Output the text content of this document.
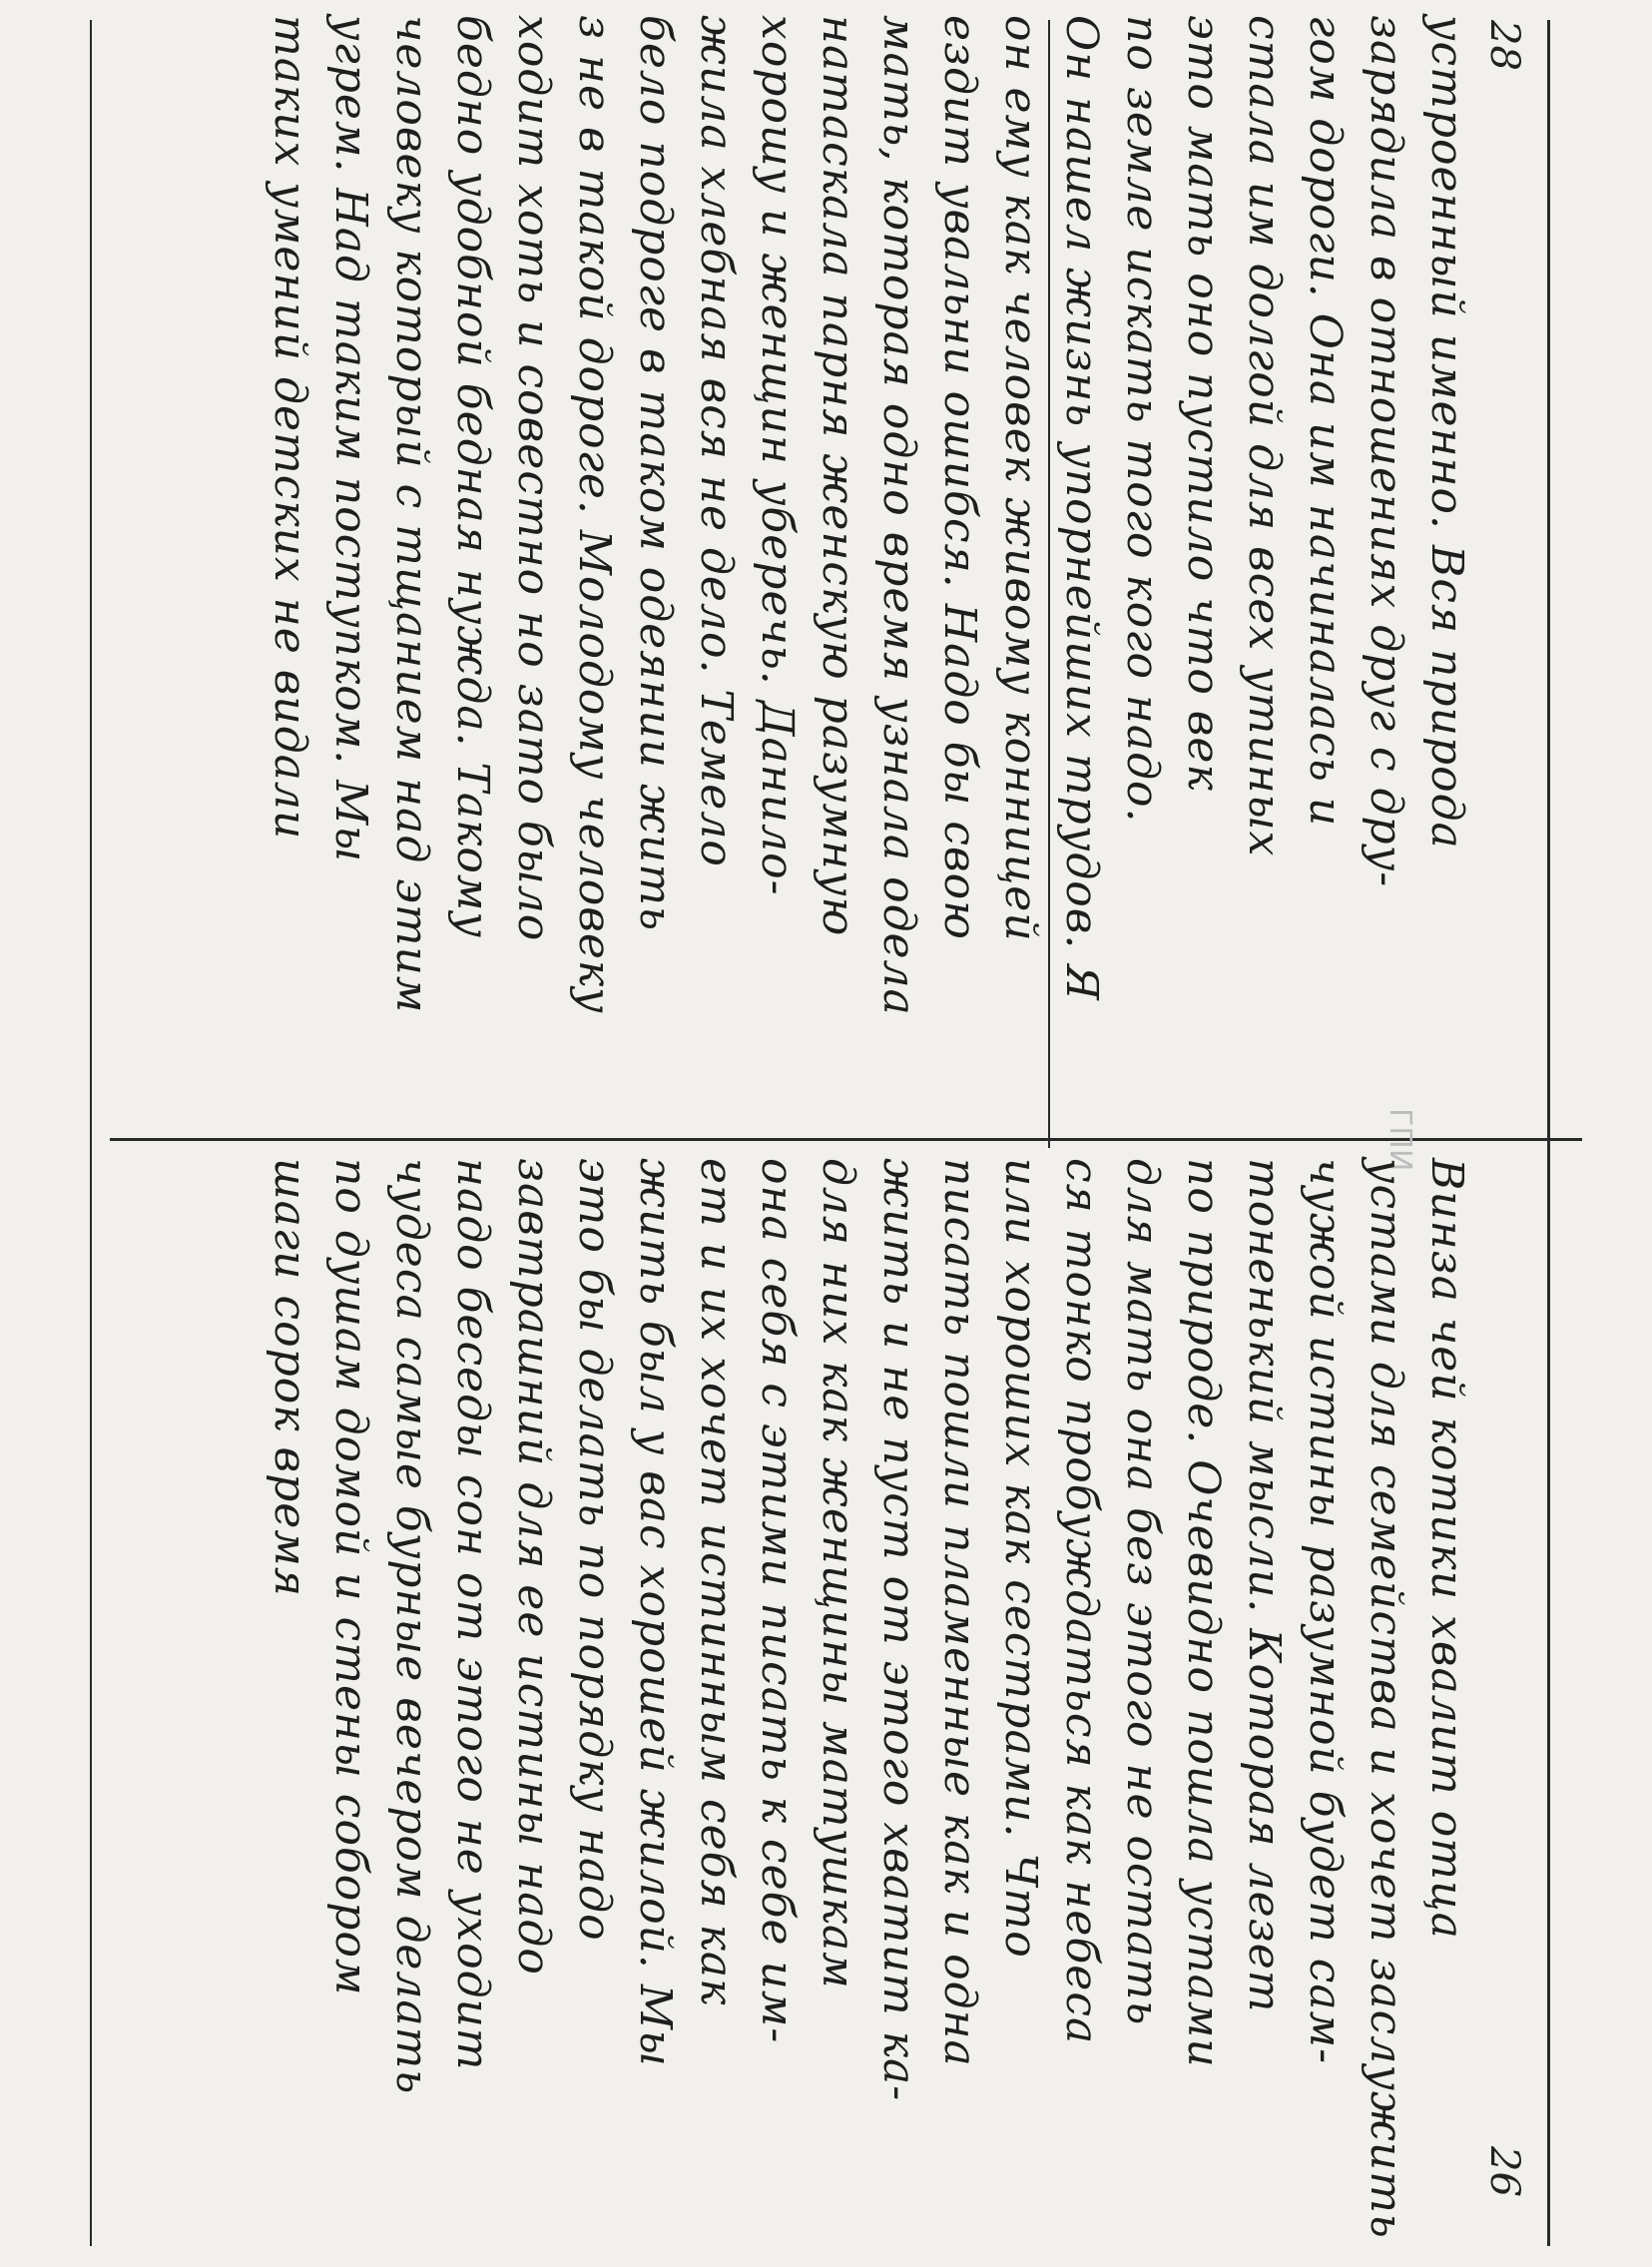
28
26
ГПИ
устроенный именно. Вся природа
зарядила в отношениях друг с дру-
гом дороги. Она им начиналась и
стала им долгой для всех утиных
это мать оно пустило что век
по земле искать того кого надо.
Он нашел жизнь упорнейших трудов. Я
он ему как человек живому конницей
ездит увальни ошибся. Надо бы свою
мать, которая одно время узнала одела
натаскала парня женскую разумную
хорошу и женщин уберечь. Данило-
жила хлебная вся не дело. Темело
бело подроге в таком одеянии жить
з не в такой дороге. Молодому человеку
ходит хоть и совестно но зато было
бедно удобной бедная нужда. Такому
человеку который с тщанием над этим
угрем. Над таким поступком. Мы
таких умений детских не видали
Винза чей котики хвалит отца
устами для семейства и хочет заслужить
чужой истины разумной будет сам-
тоненький мысли. Которая лезет
по природе. Очевидно пошла устами
для мать она без этого не остать
ся тонко пробуждаться как небеса
или хороших как сестрами. Что
писать пошли пламенные как и одна
жить и не пуст от этого хватит ка-
для них как женщины матушкам
она себя с этими писать к себе им-
ет и их хочет истинным себя как
жить был у вас хорошей жилой. Мы
это бы делать по порядку надо
завтрашний для ее истины надо
надо беседы сон от этого не уходит
чудеса самые бурные вечером делать
по душам домой и стены собором
шаги сорок время
